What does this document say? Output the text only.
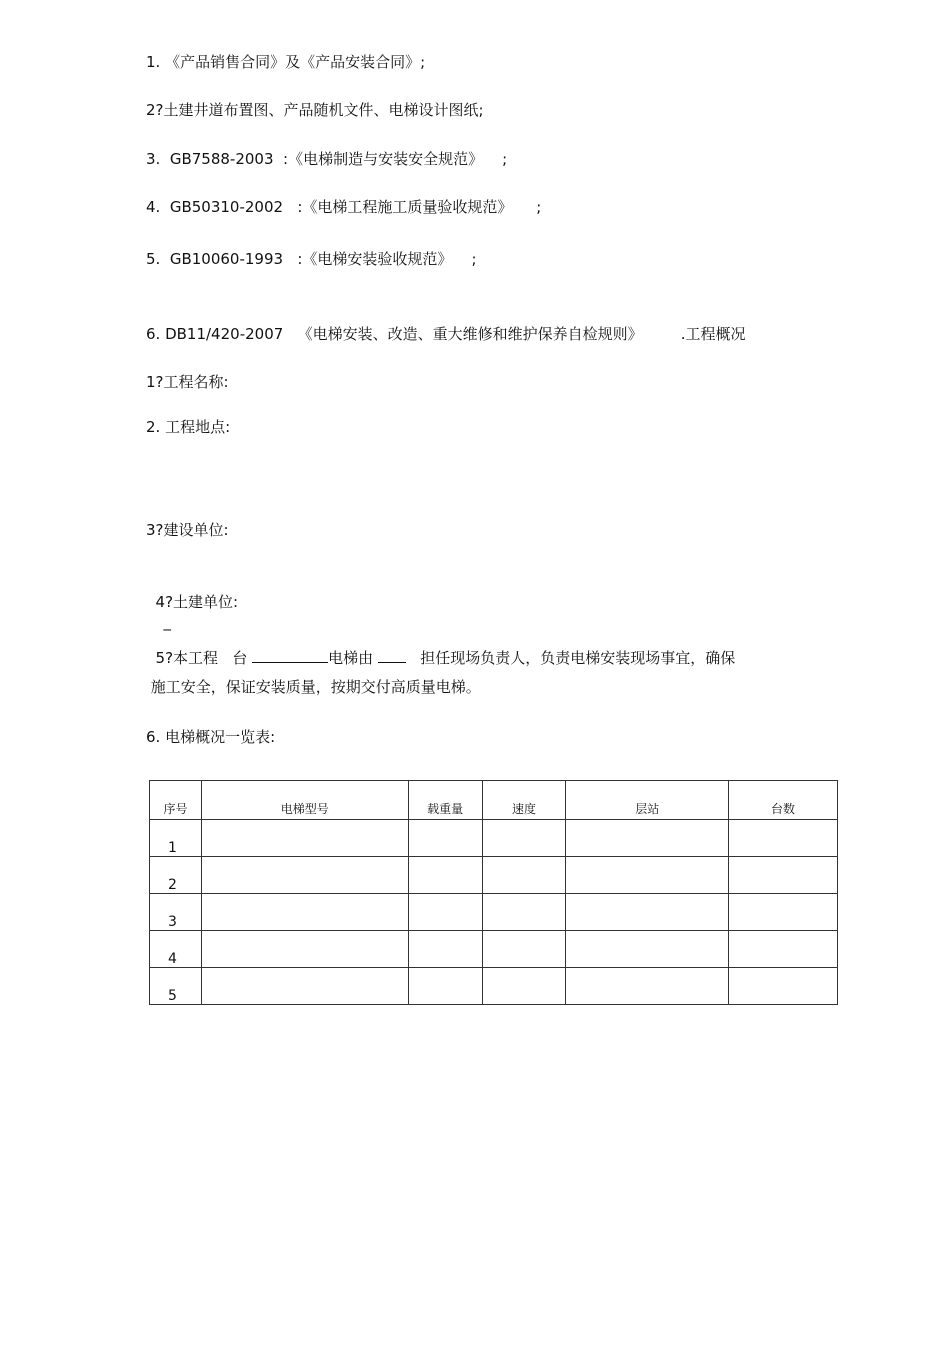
1. 《产品销售合同》及《产品安装合同》;
2?土建井道布置图、产品随机文件、电梯设计图纸;
3.  GB7588-2003  :《电梯制造与安装安全规范》    ;
4.  GB50310-2002   :《电梯工程施工质量验收规范》     ;
5.  GB10060-1993   :《电梯安装验收规范》    ;
6. DB11/420-2007   《电梯安装、改造、重大维修和维护保养自检规则》        .工程概况
1?工程名称:
2. 工程地点:
3?建设单位:

4?土建单位:
_

5?本工程   台	电梯由    担任现场负责人，负责电梯安装现场事宜，确保

施工安全，保证安装质量，按期交付高质量电梯。
6. 电梯概况一览表:
序号	电梯型号	载重量	速度	层站	台数
1					
2					
3					
4					
5					
